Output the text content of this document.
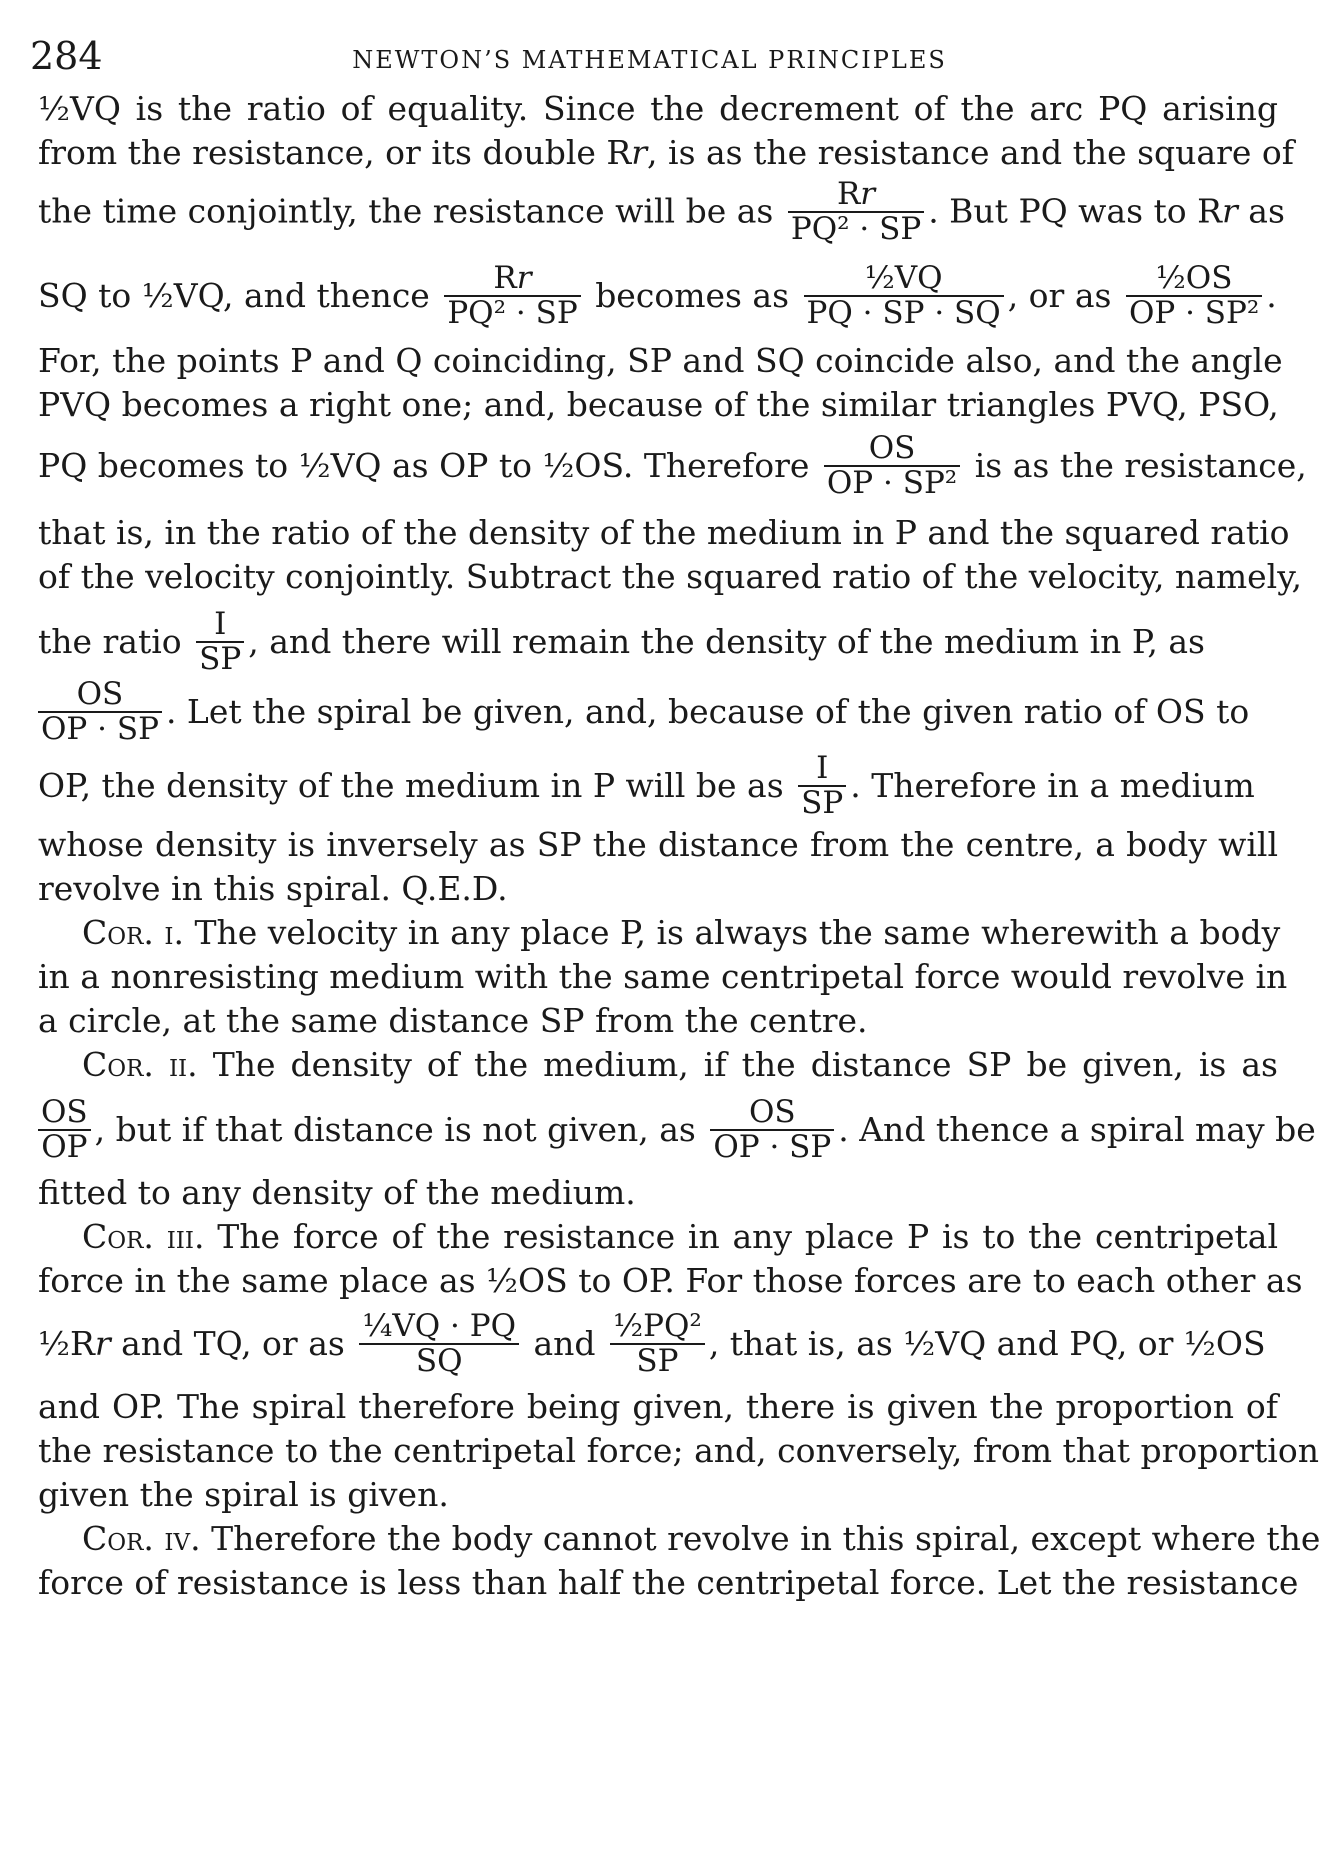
284	NEWTON’S MATHEMATICAL PRINCIPLES
½VQ is the ratio of equality. Since the decrement of the arc PQ arising
from the resistance, or its double Rr, is as the resistance and the square of
the time conjointly, the resistance will be as $\frac{Rr}{\text{PQ² · SP}}$ . But PQ was to Rr as
SQ to ½VQ, and thence $\frac{Rr}{\text{PQ² · SP}}$ becomes as $\frac{\text{½VQ}}{PQ \cdot SP \cdot SQ}$ , or as $\frac{\text{½OS}}{\text{OP · SP²}}$ .
For, the points P and Q coinciding, SP and SQ coincide also, and the angle
PVQ becomes a right one; and, because of the similar triangles PVQ, PSO,
PQ becomes to ½VQ as OP to ½OS. Therefore $\frac{OS}{\text{OP · SP²}}$ is as the resistance,
that is, in the ratio of the density of the medium in P and the squared ratio
of the velocity conjointly. Subtract the squared ratio of the velocity, namely,
the ratio $\frac{I}{SP}$ , and there will remain the density of the medium in P, as
$\frac{OS}{OP \cdot SP}$ . Let the spiral be given, and, because of the given ratio of OS to
OP, the density of the medium in P will be as $\frac{I}{SP}$ . Therefore in a medium
whose density is inversely as SP the distance from the centre, a body will
revolve in this spiral. Q.E.D.
Cor. i. The velocity in any place P, is always the same wherewith a body
in a nonresisting medium with the same centripetal force would revolve in
a circle, at the same distance SP from the centre.
Cor. ii. The density of the medium, if the distance SP be given, is as
$\frac{OS}{OP}$ , but if that distance is not given, as $\frac{OS}{OP \cdot SP}$ . And thence a spiral may be
fitted to any density of the medium.
Cor. iii. The force of the resistance in any place P is to the centripetal
force in the same place as ½OS to OP. For those forces are to each other as
½Rr and TQ, or as $\frac{\text{¼VQ · PQ}}{SQ}$ and $\frac{\text{½PQ²}}{SP}$ , that is, as ½VQ and PQ, or ½OS
and OP. The spiral therefore being given, there is given the proportion of
the resistance to the centripetal force; and, conversely, from that proportion
given the spiral is given.
Cor. iv. Therefore the body cannot revolve in this spiral, except where the
force of resistance is less than half the centripetal force. Let the resistance
